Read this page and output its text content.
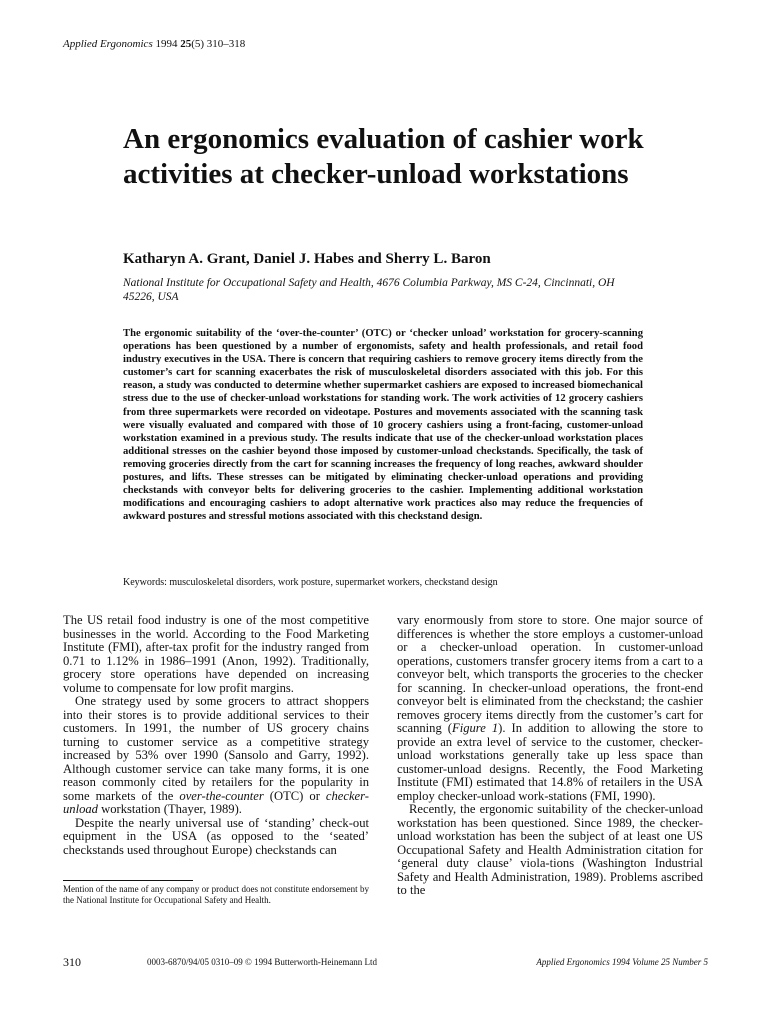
Applied Ergonomics 1994 25(5) 310–318
An ergonomics evaluation of cashier work activities at checker-unload workstations
Katharyn A. Grant, Daniel J. Habes and Sherry L. Baron
National Institute for Occupational Safety and Health, 4676 Columbia Parkway, MS C-24, Cincinnati, OH 45226, USA

The ergonomic suitability of the ‘over-the-counter’ (OTC) or ‘checker unload’ workstation for grocery-scanning operations has been questioned by a number of ergonomists, safety and health professionals, and retail food industry executives in the USA. There is concern that requiring cashiers to remove grocery items directly from the customer’s cart for scanning exacerbates the risk of musculoskeletal disorders associated with this job. For this reason, a study was conducted to determine whether supermarket cashiers are exposed to increased biomechanical stress due to the use of checker-unload workstations for standing work. The work activities of 12 grocery cashiers from three supermarkets were recorded on videotape. Postures and movements associated with the scanning task were visually evaluated and compared with those of 10 grocery cashiers using a front-facing, customer-unload workstation examined in a previous study. The results indicate that use of the checker-unload workstation places additional stresses on the cashier beyond those imposed by customer-unload checkstands. Specifically, the task of removing groceries directly from the cart for scanning increases the frequency of long reaches, awkward shoulder postures, and lifts. These stresses can be mitigated by eliminating checker-unload operations and providing checkstands with conveyor belts for delivering groceries to the cashier. Implementing additional workstation modifications and encouraging cashiers to adopt alternative work practices also may reduce the frequencies of awkward postures and stressful motions associated with this checkstand design.

Keywords: musculoskeletal disorders, work posture, supermarket workers, checkstand design

The US retail food industry is one of the most competitive businesses in the world. According to the Food Marketing Institute (FMI), after-tax profit for the industry ranged from 0.71 to 1.12% in 1986–1991 (Anon, 1992). Traditionally, grocery store operations have depended on increasing volume to compensate for low profit margins.

One strategy used by some grocers to attract shoppers into their stores is to provide additional services to their customers. In 1991, the number of US grocery chains turning to customer service as a competitive strategy increased by 53% over 1990 (Sansolo and Garry, 1992). Although customer service can take many forms, it is one reason commonly cited by retailers for the popularity in some markets of the over-the-counter (OTC) or checker-unload workstation (Thayer, 1989).

Despite the nearly universal use of ‘standing’ check-out equipment in the USA (as opposed to the ‘seated’ checkstands used throughout Europe) checkstands can

vary enormously from store to store. One major source of differences is whether the store employs a customer-unload or a checker-unload operation. In customer-unload operations, customers transfer grocery items from a cart to a conveyor belt, which transports the groceries to the checker for scanning. In checker-unload operations, the front-end conveyor belt is eliminated from the checkstand; the cashier removes grocery items directly from the customer’s cart for scanning (Figure 1). In addition to allowing the store to provide an extra level of service to the customer, checker-unload workstations generally take up less space than customer-unload designs. Recently, the Food Marketing Institute (FMI) estimated that 14.8% of retailers in the USA employ checker-unload work-stations (FMI, 1990).

Recently, the ergonomic suitability of the checker-unload workstation has been questioned. Since 1989, the checker-unload workstation has been the subject of at least one US Occupational Safety and Health Administration citation for ‘general duty clause’ viola-tions (Washington Industrial Safety and Health Administration, 1989). Problems ascribed to the

Mention of the name of any company or product does not constitute endorsement by the National Institute for Occupational Safety and Health.
310	0003-6870/94/05 0310–09 © 1994 Butterworth-Heinemann Ltd	Applied Ergonomics 1994 Volume 25 Number 5
